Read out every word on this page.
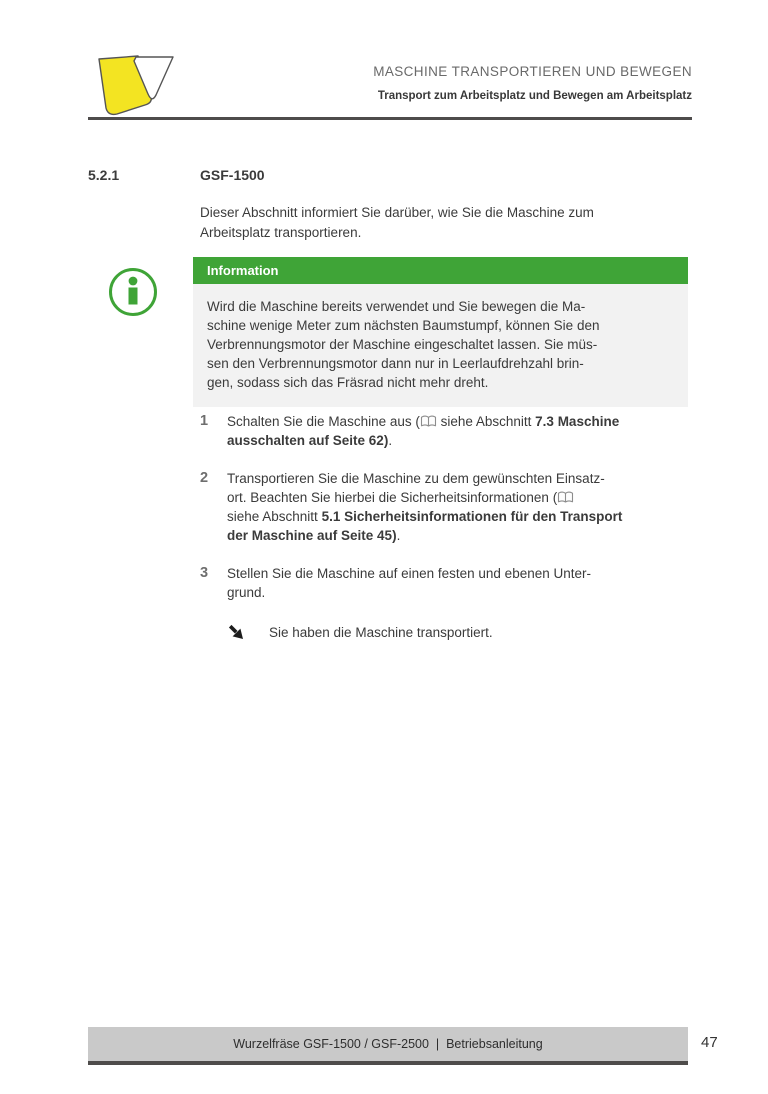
MASCHINE TRANSPORTIEREN UND BEWEGEN
Transport zum Arbeitsplatz und Bewegen am Arbeitsplatz
5.2.1	GSF-1500
Dieser Abschnitt informiert Sie darüber, wie Sie die Maschine zum
Arbeitsplatz transportieren.
Information
Wird die Maschine bereits verwendet und Sie bewegen die Ma-
schine wenige Meter zum nächsten Baumstumpf, können Sie den
Verbrennungsmotor der Maschine eingeschaltet lassen. Sie müs-
sen den Verbrennungsmotor dann nur in Leerlaufdrehzahl brin-
gen, sodass sich das Fräsrad nicht mehr dreht.
1	Schalten Sie die Maschine aus ( siehe Abschnitt 7.3 Maschine
ausschalten auf Seite 62).
2	Transportieren Sie die Maschine zu dem gewünschten Einsatz-
ort. Beachten Sie hierbei die Sicherheitsinformationen (
siehe Abschnitt 5.1 Sicherheitsinformationen für den Transport
der Maschine auf Seite 45).
3	Stellen Sie die Maschine auf einen festen und ebenen Unter-
grund.
Sie haben die Maschine transportiert.
Wurzelfräse GSF-1500 / GSF-2500  |  Betriebsanleitung	47
